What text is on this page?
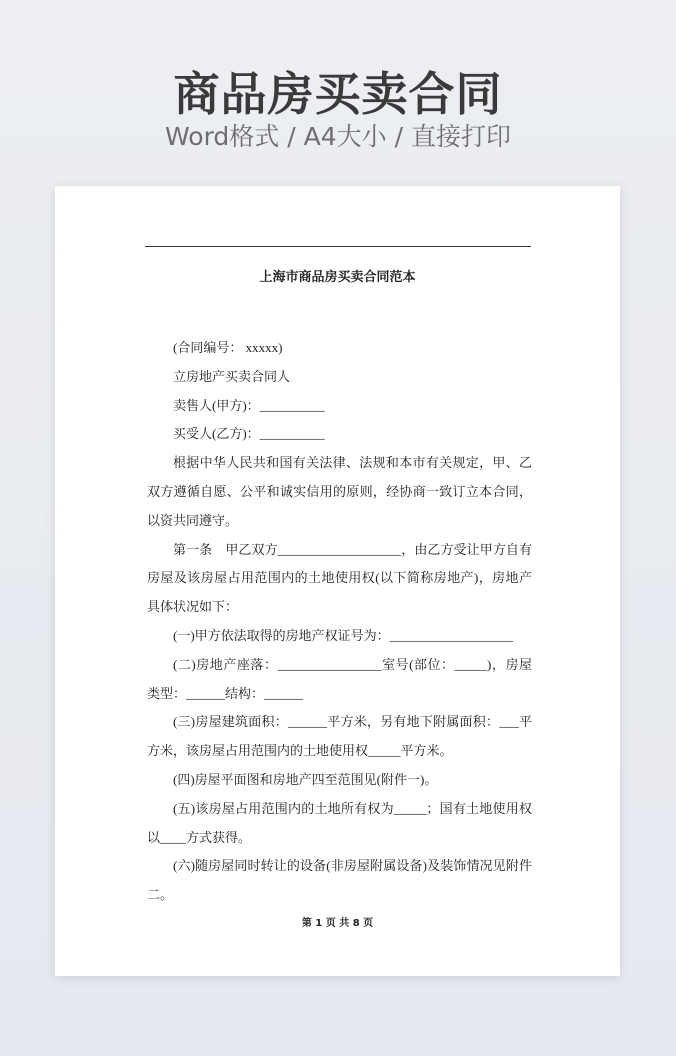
商品房买卖合同
Word格式 / A4大小 / 直接打印
上海市商品房买卖合同范本

(合同编号： xxxxx)

立房地产买卖合同人

卖售人(甲方)：__________

买受人(乙方)：__________

根据中华人民共和国有关法律、法规和本市有关规定，甲、乙双方遵循自愿、公平和诚实信用的原则，经协商一致订立本合同，以资共同遵守。

第一条　甲乙双方___________________，由乙方受让甲方自有房屋及该房屋占用范围内的土地使用权(以下简称房地产)，房地产具体状况如下：

(一)甲方依法取得的房地产权证号为：___________________

(二)房地产座落：________________室号(部位：_____)，房屋类型：______结构：______

(三)房屋建筑面积：______平方米，另有地下附属面积：___平方米，该房屋占用范围内的土地使用权_____平方米。

(四)房屋平面图和房地产四至范围见(附件一)。

(五)该房屋占用范围内的土地所有权为_____；国有土地使用权以____方式获得。

(六)随房屋同时转让的设备(非房屋附属设备)及装饰情况见附件二。

第 1 页 共 8 页
